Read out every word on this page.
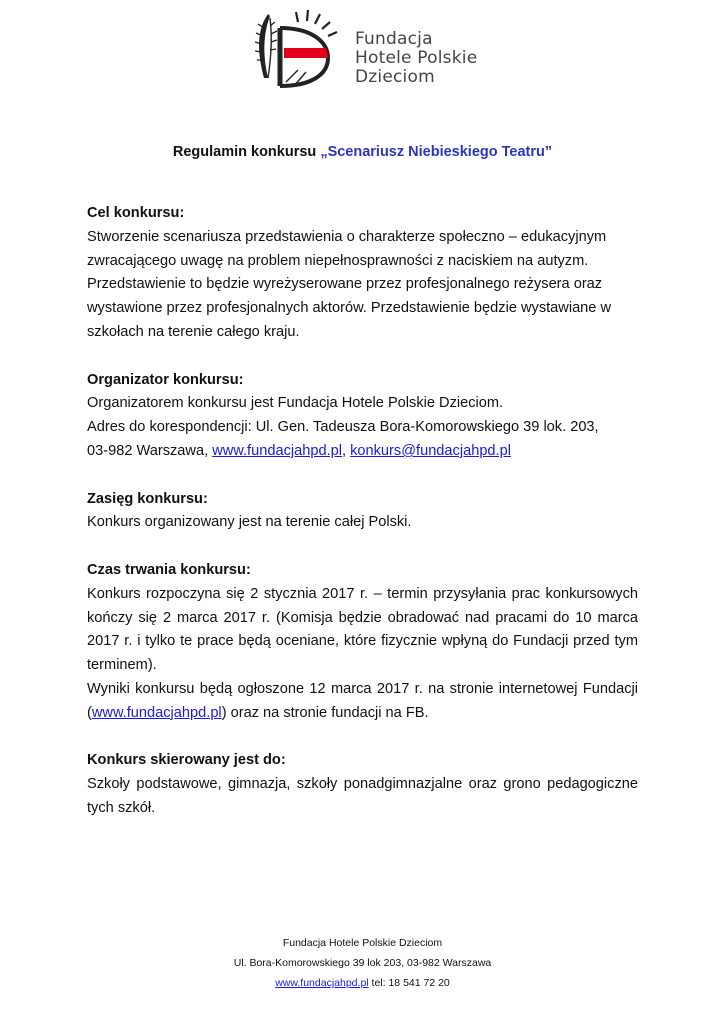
Fundacja
Hotele Polskie
Dzieciom
Regulamin konkursu „Scenariusz Niebieskiego Teatru”
Cel konkursu:

Stworzenie scenariusza przedstawienia o charakterze społeczno – edukacyjnym zwracającego uwagę na problem niepełnosprawności z naciskiem na autyzm. Przedstawienie to będzie wyreżyserowane przez profesjonalnego reżysera oraz wystawione przez profesjonalnych aktorów. Przedstawienie będzie wystawiane w szkołach na terenie całego kraju.

Organizator konkursu:
Organizatorem konkursu jest Fundacja Hotele Polskie Dzieciom.
Adres do korespondencji: Ul. Gen. Tadeusza Bora-Komorowskiego 39 lok. 203,
03-982 Warszawa, www.fundacjahpd.pl, konkurs@fundacjahpd.pl
Zasięg konkursu:

Konkurs organizowany jest na terenie całej Polski.

Czas trwania konkursu:

Konkurs rozpoczyna się 2 stycznia 2017 r. – termin przysyłania prac konkursowych kończy się 2 marca 2017 r. (Komisja będzie obradować nad pracami do 10 marca 2017 r. i tylko te prace będą oceniane, które fizycznie wpłyną do Fundacji przed tym terminem).

Wyniki konkursu będą ogłoszone 12 marca 2017 r. na stronie internetowej Fundacji (www.fundacjahpd.pl) oraz na stronie fundacji na FB.

Konkurs skierowany jest do:

Szkoły podstawowe, gimnazja, szkoły ponadgimnazjalne oraz grono pedagogiczne tych szkół.

Fundacja Hotele Polskie Dzieciom
Ul. Bora-Komorowskiego 39 lok 203, 03-982 Warszawa
www.fundacjahpd.pl tel: 18 541 72 20
